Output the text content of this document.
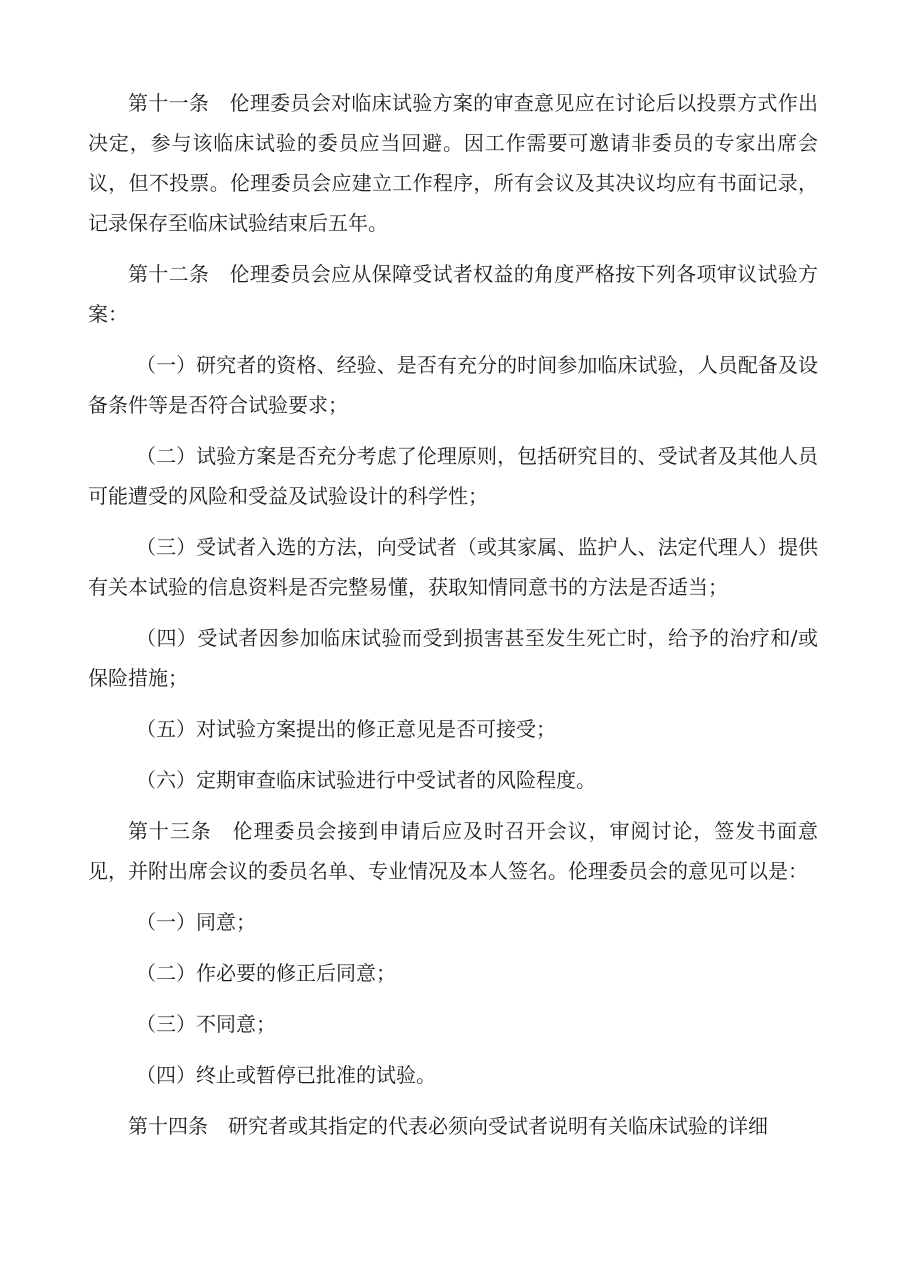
第十一条　伦理委员会对临床试验方案的审查意见应在讨论后以投票方式作出决定，参与该临床试验的委员应当回避。因工作需要可邀请非委员的专家出席会议，但不投票。伦理委员会应建立工作程序，所有会议及其决议均应有书面记录，记录保存至临床试验结束后五年。

第十二条　伦理委员会应从保障受试者权益的角度严格按下列各项审议试验方案：

（一）研究者的资格、经验、是否有充分的时间参加临床试验，人员配备及设备条件等是否符合试验要求；

（二）试验方案是否充分考虑了伦理原则，包括研究目的、受试者及其他人员可能遭受的风险和受益及试验设计的科学性；

（三）受试者入选的方法，向受试者（或其家属、监护人、法定代理人）提供有关本试验的信息资料是否完整易懂，获取知情同意书的方法是否适当；

（四）受试者因参加临床试验而受到损害甚至发生死亡时，给予的治疗和/或保险措施；

（五）对试验方案提出的修正意见是否可接受；

（六）定期审查临床试验进行中受试者的风险程度。

第十三条　伦理委员会接到申请后应及时召开会议，审阅讨论，签发书面意见，并附出席会议的委员名单、专业情况及本人签名。伦理委员会的意见可以是：

（一）同意；

（二）作必要的修正后同意；

（三）不同意；

（四）终止或暂停已批准的试验。

第十四条　研究者或其指定的代表必须向受试者说明有关临床试验的详细
